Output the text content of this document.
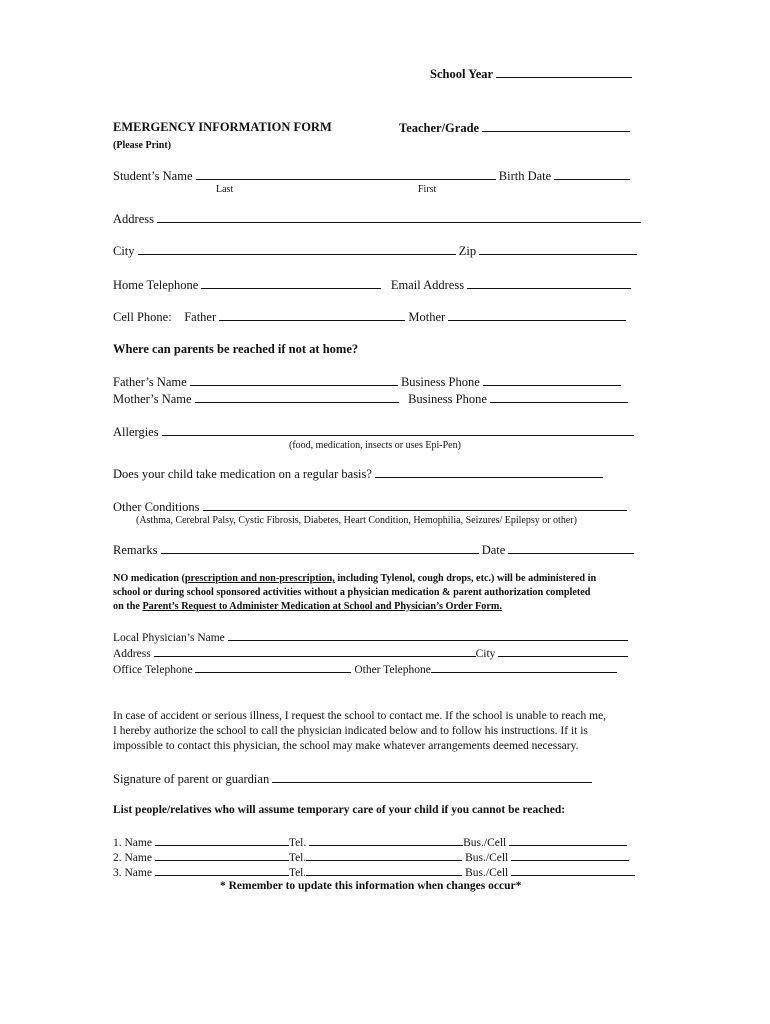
School Year
EMERGENCY INFORMATION FORM	Teacher/Grade
(Please Print)
Student’s Name	Birth Date
Last	First
Address
City	Zip
Home Telephone	Email Address
Cell Phone: Father	Mother
Where can parents be reached if not at home?
Father’s Name	Business Phone
Mother’s Name	Business Phone
Allergies
(food, medication, insects or uses Epi-Pen)
Does your child take medication on a regular basis?
Other Conditions
(Asthma, Cerebral Palsy, Cystic Fibrosis, Diabetes, Heart Condition, Hemophilia, Seizures/ Epilepsy or other)
Remarks	Date
NO medication (prescription and non-prescription, including Tylenol, cough drops, etc.) will be administered in
school or during school sponsored activities without a physician medication & parent authorization completed
on the Parent’s Request to Administer Medication at School and Physician’s Order Form.
Local Physician’s Name
Address	City
Office Telephone	Other Telephone
In case of accident or serious illness, I request the school to contact me. If the school is unable to reach me,
I hereby authorize the school to call the physician indicated below and to follow his instructions. If it is
impossible to contact this physician, the school may make whatever arrangements deemed necessary.
Signature of parent or guardian
List people/relatives who will assume temporary care of your child if you cannot be reached:
1. Name	Tel.	Bus./Cell
2. Name	Tel.	Bus./Cell
3. Name	Tel.	Bus./Cell
* Remember to update this information when changes occur*
